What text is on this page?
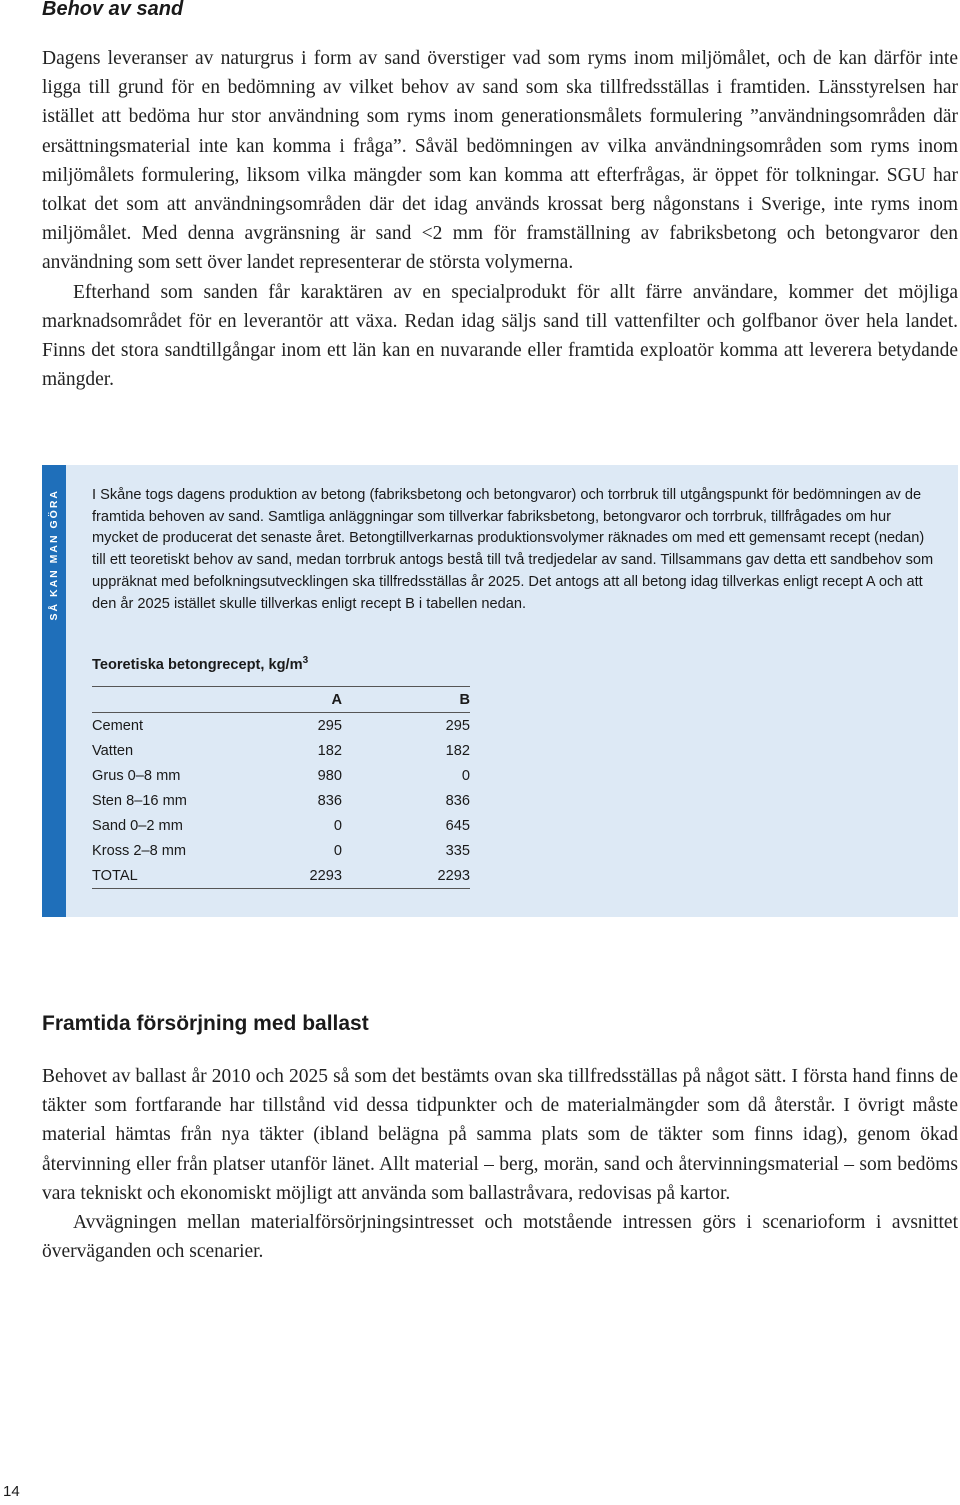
Behov av sand

Dagens leveranser av naturgrus i form av sand överstiger vad som ryms inom miljömålet, och de kan därför inte ligga till grund för en bedömning av vilket behov av sand som ska tillfredsställas i framtiden. Länsstyrelsen har istället att bedöma hur stor användning som ryms inom generationsmålets formulering ”användningsområden där ersättningsmaterial inte kan komma i fråga”. Såväl bedömningen av vilka användningsområden som ryms inom miljömålets formulering, liksom vilka mängder som kan komma att efterfrågas, är öppet för tolkningar. SGU har tolkat det som att användningsområden där det idag används krossat berg någonstans i Sverige, inte ryms inom miljömålet. Med denna avgränsning är sand <2 mm för framställning av fabriksbetong och betongvaror den användning som sett över landet representerar de största volymerna.

Efterhand som sanden får karaktären av en specialprodukt för allt färre användare, kommer det möjliga marknadsområdet för en leverantör att växa. Redan idag säljs sand till vattenfilter och golfbanor över hela landet. Finns det stora sandtillgångar inom ett län kan en nuvarande eller framtida exploatör komma att leverera betydande mängder.

SÅ KAN MAN GÖRA I Skåne togs dagens produktion av betong (fabriksbetong och betongvaror) och torrbruk till utgångspunkt för bedömningen av de framtida behoven av sand. Samtliga anläggningar som tillverkar fabriksbetong, betongvaror och torrbruk, tillfrågades om hur mycket de producerat det senaste året. Betongtillverkarnas produktionsvolymer räknades om med ett gemensamt recept (nedan) till ett teoretiskt behov av sand, medan torrbruk antogs bestå till två tredjedelar av sand. Tillsammans gav detta ett sandbehov som uppräknat med befolkningsutvecklingen ska tillfredsställas år 2025. Det antogs att all betong idag tillverkas enligt recept A och att den år 2025 istället skulle tillverkas enligt recept B i tabellen nedan.

Teoretiska betongrecept, $kg/m^3$

	A	B
Cement	295	295
Vatten	182	182
Grus 0–8 mm	980	0
Sten 8–16 mm	836	836
Sand 0–2 mm	0	645
Kross 2–8 mm	0	335
TOTAL	2293	2293
Framtida försörjning med ballast

Behovet av ballast år 2010 och 2025 så som det bestämts ovan ska tillfredsställas på något sätt. I första hand finns de täkter som fortfarande har tillstånd vid dessa tidpunkter och de materialmängder som då återstår. I övrigt måste material hämtas från nya täkter (ibland belägna på samma plats som de täkter som finns idag), genom ökad återvinning eller från platser utanför länet. Allt material – berg, morän, sand och återvinningsmaterial – som bedöms vara tekniskt och ekonomiskt möjligt att använda som ballastråvara, redovisas på kartor.

Avvägningen mellan materialförsörjningsintresset och motstående intressen görs i scenarioform i avsnittet överväganden och scenarier.

14
